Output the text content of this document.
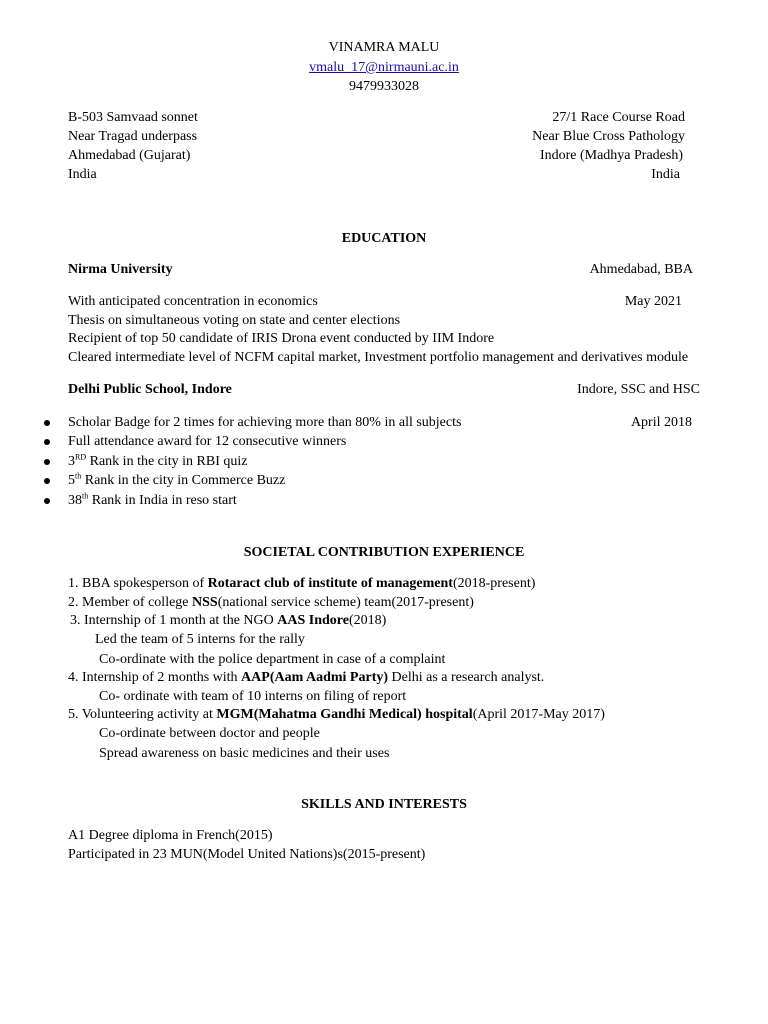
VINAMRA MALU
vmalu_17@nirmauni.ac.in
9479933028
B-503 Samvaad sonnet
Near Tragad underpass
Ahmedabad (Gujarat)
India
27/1 Race Course Road
Near Blue Cross Pathology
Indore (Madhya Pradesh)
India
EDUCATION
Nirma University	Ahmedabad, BBA
With anticipated concentration in economics	May 2021
Thesis on simultaneous voting on state and center elections
Recipient of top 50 candidate of IRIS Drona event conducted by IIM Indore
Cleared intermediate level of NCFM capital market, Investment portfolio management and derivatives module
Delhi Public School, Indore	Indore, SSC and HSC
Scholar Badge for 2 times for achieving more than 80% in all subjects	April 2018
Full attendance award for 12 consecutive winners
3RD Rank in the city in RBI quiz
5th Rank in the city in Commerce Buzz
38th Rank in India in reso start
SOCIETAL CONTRIBUTION EXPERIENCE
1. BBA spokesperson of Rotaract club of institute of management(2018-present)
2. Member of college NSS(national service scheme) team(2017-present)
3. Internship of 1 month at the NGO AAS Indore(2018)
Led the team of 5 interns for the rally
Co-ordinate with the police department in case of a complaint
4. Internship of 2 months with AAP(Aam Aadmi Party) Delhi as a research analyst.
Co- ordinate with team of 10 interns on filing of report
5. Volunteering activity at MGM(Mahatma Gandhi Medical) hospital(April 2017-May 2017)
Co-ordinate between doctor and people
Spread awareness on basic medicines and their uses
SKILLS AND INTERESTS
A1 Degree diploma in French(2015)
Participated in 23 MUN(Model United Nations)s(2015-present)
